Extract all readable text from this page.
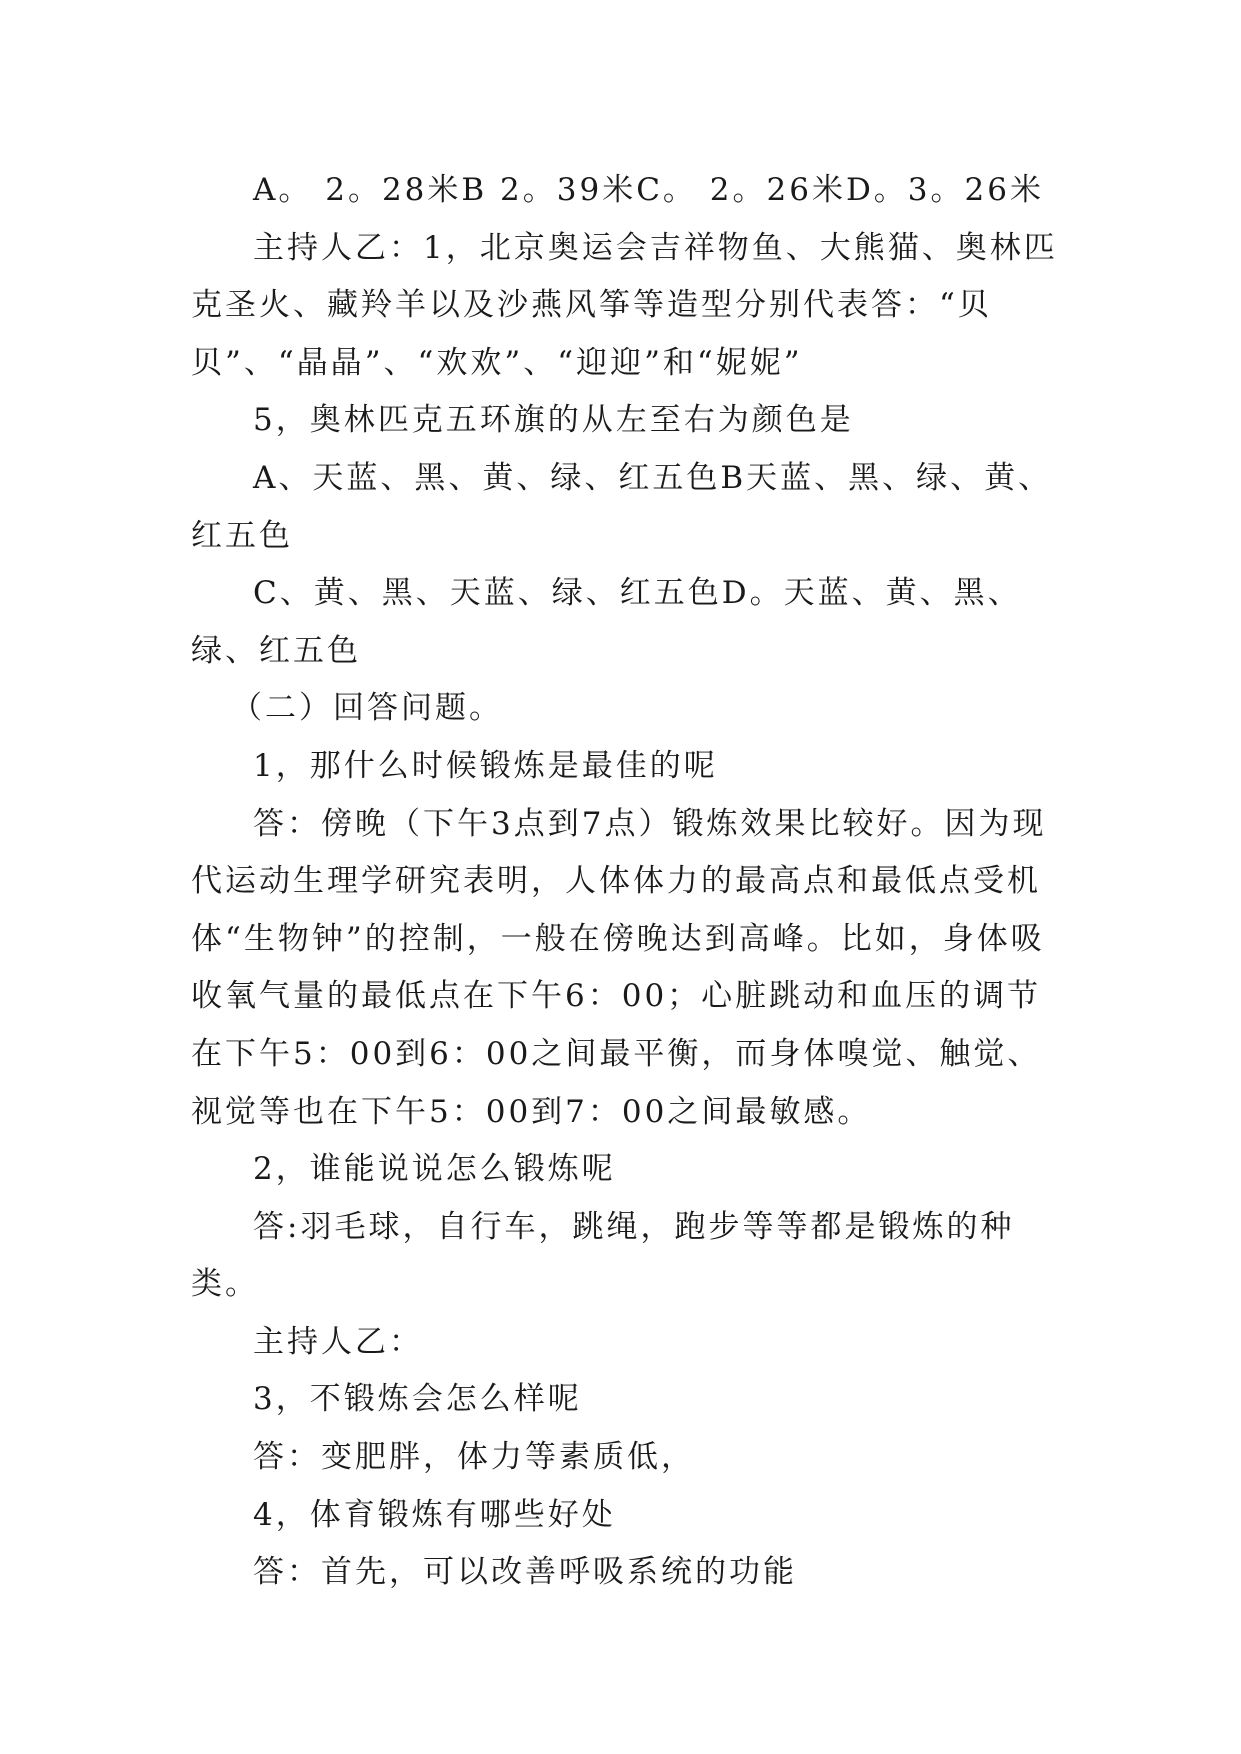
A。 2。28米B 2。39米C。 2。26米D。3。26米

主持人乙：1，北京奥运会吉祥物鱼、大熊猫、奥林匹克圣火、藏羚羊以及沙燕风筝等造型分别代表答：“贝贝”、“晶晶”、“欢欢”、“迎迎”和“妮妮”

5，奥林匹克五环旗的从左至右为颜色是

A、天蓝、黑、黄、绿、红五色B天蓝、黑、绿、黄、红五色

C、黄、黑、天蓝、绿、红五色D。天蓝、黄、黑、绿、红五色

（二）回答问题。

1，那什么时候锻炼是最佳的呢

答：傍晚（下午3点到7点）锻炼效果比较好。因为现代运动生理学研究表明，人体体力的最高点和最低点受机体“生物钟”的控制，一般在傍晚达到高峰。比如，身体吸收氧气量的最低点在下午6：00；心脏跳动和血压的调节在下午5：00到6：00之间最平衡，而身体嗅觉、触觉、视觉等也在下午5：00到7：00之间最敏感。

2，谁能说说怎么锻炼呢

答:羽毛球，自行车，跳绳，跑步等等都是锻炼的种类。

主持人乙：

3，不锻炼会怎么样呢

答：变肥胖，体力等素质低，

4，体育锻炼有哪些好处

答：首先，可以改善呼吸系统的功能
